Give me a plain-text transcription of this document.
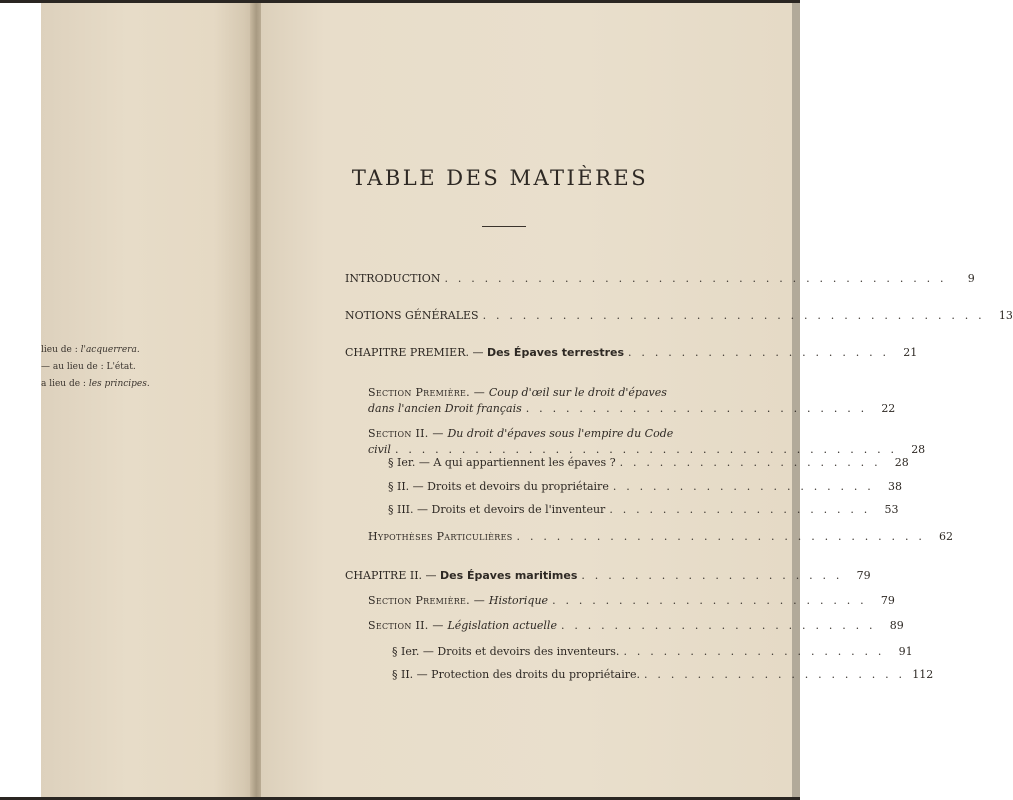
lieu de : l'acquerrera.
— au lieu de : L'état.
a lieu de : les principes.
TABLE DES MATIÈRES
INTRODUCTION . . . . . . . . . . . . . . . . . . . . . . . . . . . . . . . . . . . . . .	9
NOTIONS GÉNÉRALES . . . . . . . . . . . . . . . . . . . . . . . . . . . . . . . . . . . . . .	13
CHAPITRE PREMIER. — Des Épaves terrestres . . . . . . . . . . . . . . . . . . . .	21
Section Première. — Coup d'œil sur le droit d'épaves
dans l'ancien Droit français . . . . . . . . . . . . . . . . . . . . . . . . . .	22
Section II. — Du droit d'épaves sous l'empire du Code
civil . . . . . . . . . . . . . . . . . . . . . . . . . . . . . . . . . . . . . .	28
§ Ier. — A qui appartiennent les épaves ? . . . . . . . . . . . . . . . . . . . .	28
§ II. — Droits et devoirs du propriétaire . . . . . . . . . . . . . . . . . . . .	38
§ III. — Droits et devoirs de l'inventeur . . . . . . . . . . . . . . . . . . . .	53
Hypothèses Particulières . . . . . . . . . . . . . . . . . . . . . . . . . . . . . . .	62
CHAPITRE II. — Des Épaves maritimes . . . . . . . . . . . . . . . . . . . .	79
Section Première. — Historique . . . . . . . . . . . . . . . . . . . . . . . .	79
Section II. — Législation actuelle . . . . . . . . . . . . . . . . . . . . . . . .	89
§ Ier. — Droits et devoirs des inventeurs. . . . . . . . . . . . . . . . . . . . .	91
§ II. — Protection des droits du propriétaire. . . . . . . . . . . . . . . . . . . . . 112
